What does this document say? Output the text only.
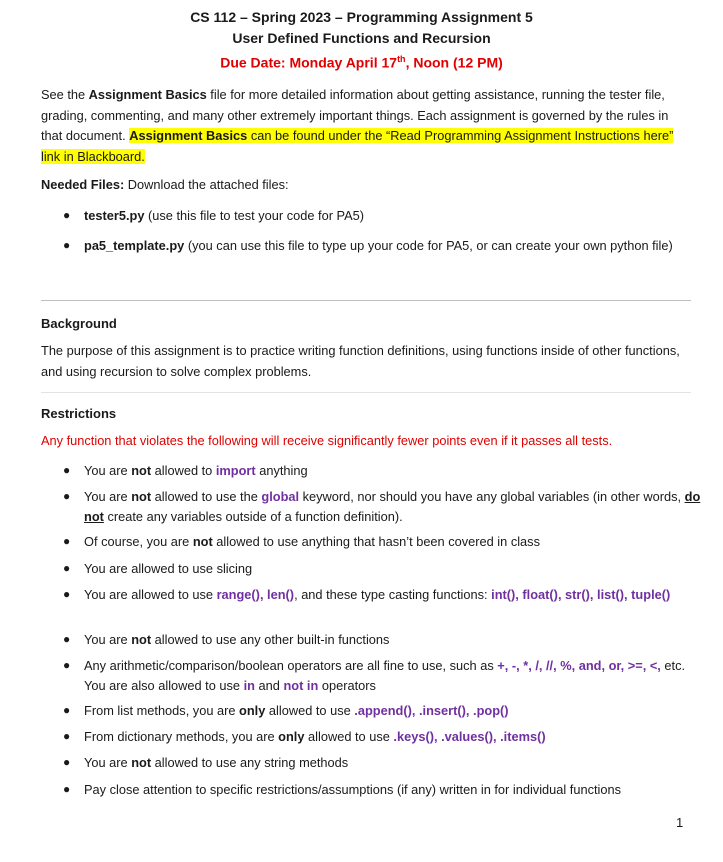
CS 112 – Spring 2023 – Programming Assignment 5

User Defined Functions and Recursion

Due Date: Monday April 17th, Noon (12 PM)

See the Assignment Basics file for more detailed information about getting assistance, running the tester file, grading, commenting, and many other extremely important things. Each assignment is governed by the rules in that document. Assignment Basics can be found under the “Read Programming Assignment Instructions here” link in Blackboard.

Needed Files: Download the attached files:

● tester5.py (use this file to test your code for PA5)
● pa5_template.py (you can use this file to type up your code for PA5, or can create your own python file)

Background

The purpose of this assignment is to practice writing function definitions, using functions inside of other functions, and using recursion to solve complex problems.

Restrictions

Any function that violates the following will receive significantly fewer points even if it passes all tests.

● You are not allowed to import anything
● You are not allowed to use the global keyword, nor should you have any global variables (in other words, do not create any variables outside of a function definition).
● Of course, you are not allowed to use anything that hasn’t been covered in class
● You are allowed to use slicing
● You are allowed to use range(), len(), and these type casting functions: int(), float(), str(), list(), tuple()
● You are not allowed to use any other built-in functions
● Any arithmetic/comparison/boolean operators are all fine to use, such as +, -, *, /, //, %, and, or, >=, <, etc. You are also allowed to use in and not in operators
● From list methods, you are only allowed to use .append(), .insert(), .pop()
● From dictionary methods, you are only allowed to use .keys(), .values(), .items()
● You are not allowed to use any string methods
● Pay close attention to specific restrictions/assumptions (if any) written in for individual functions
1
